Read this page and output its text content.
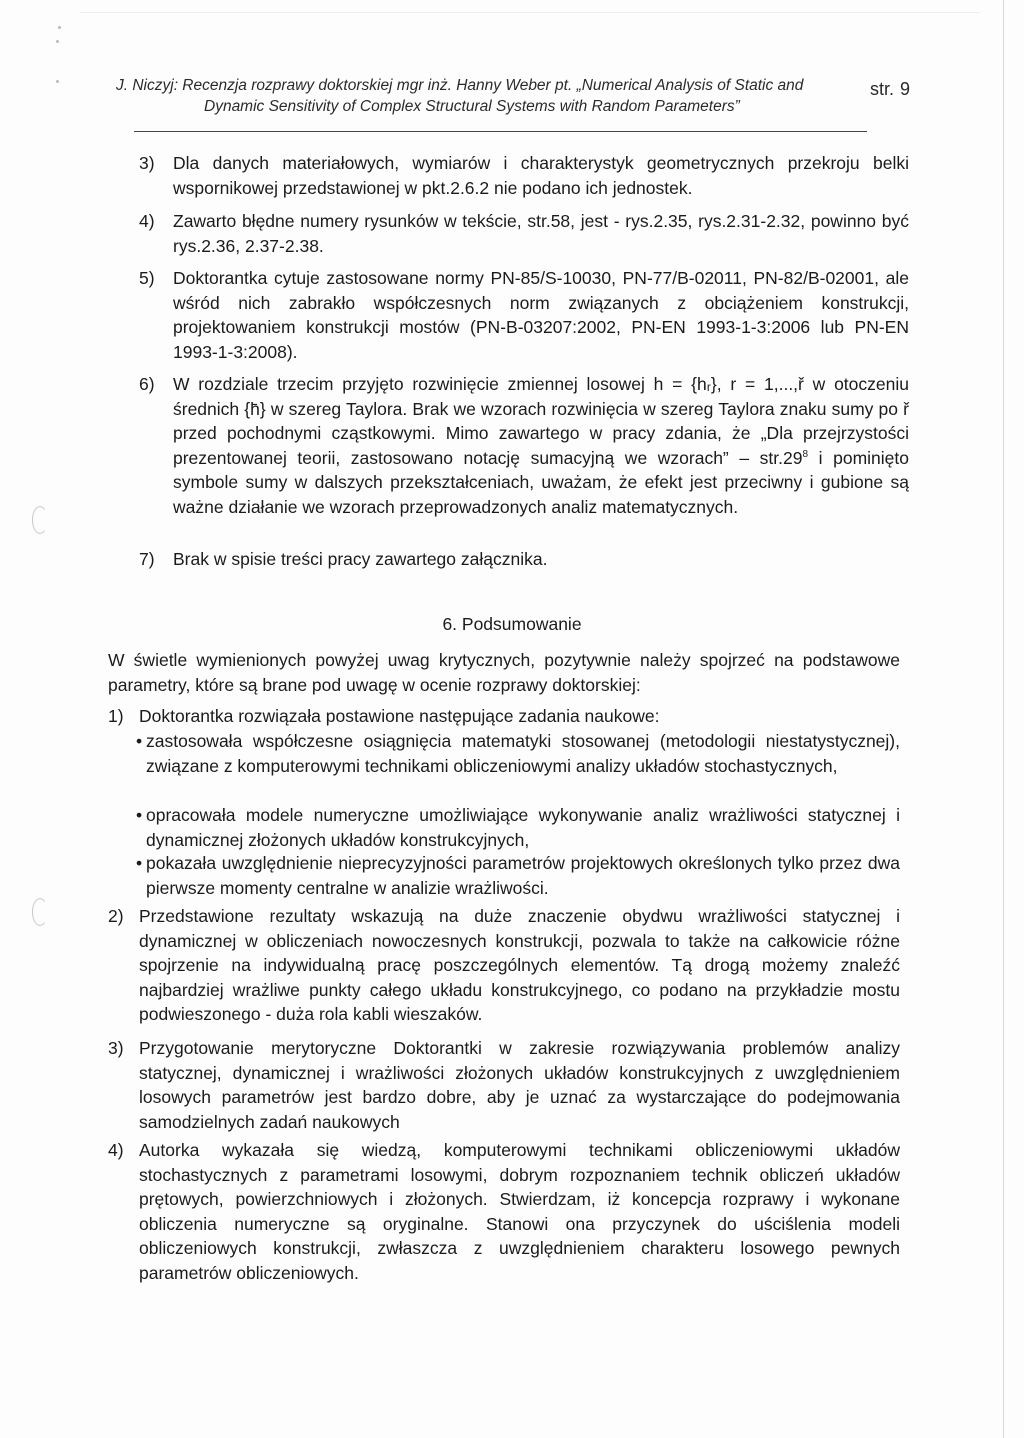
J. Niczyj: Recenzja rozprawy doktorskiej mgr inż. Hanny Weber pt. „Numerical Analysis of Static and
Dynamic Sensitivity of Complex Structural Systems with Random Parameters”
str. 9
3)	Dla danych materiałowych, wymiarów i charakterystyk geometrycznych przekroju belki wspornikowej przedstawionej w pkt.2.6.2 nie podano ich jednostek.
4)	Zawarto błędne numery rysunków w tekście, str.58, jest - rys.2.35, rys.2.31-2.32, powinno być rys.2.36, 2.37-2.38.
5)	Doktorantka cytuje zastosowane normy PN-85/S-10030, PN-77/B-02011, PN-82/B-02001, ale wśród nich zabrakło współczesnych norm związanych z obciążeniem konstrukcji, projektowaniem konstrukcji mostów (PN-B-03207:2002, PN-EN 1993-1-3:2006 lub PN-EN 1993-1-3:2008).
6)	W rozdziale trzecim przyjęto rozwinięcie zmiennej losowej h = {hᵣ}, r = 1,...,ř w otoczeniu średnich {h̄} w szereg Taylora. Brak we wzorach rozwinięcia w szereg Taylora znaku sumy po ř przed pochodnymi cząstkowymi. Mimo zawartego w pracy zdania, że „Dla przejrzystości prezentowanej teorii, zastosowano notację sumacyjną we wzorach” – $str.29^8$ i pominięto symbole sumy w dalszych przekształceniach, uważam, że efekt jest przeciwny i gubione są ważne działanie we wzorach przeprowadzonych analiz matematycznych.
7)	Brak w spisie treści pracy zawartego załącznika.
6. Podsumowanie
W świetle wymienionych powyżej uwag krytycznych, pozytywnie należy spojrzeć na podstawowe parametry, które są brane pod uwagę w ocenie rozprawy doktorskiej:
1) Doktorantka rozwiązała postawione następujące zadania naukowe:
• zastosowała współczesne osiągnięcia matematyki stosowanej (metodologii niestatystycznej), związane z komputerowymi technikami obliczeniowymi analizy układów stochastycznych,
• opracowała modele numeryczne umożliwiające wykonywanie analiz wrażliwości statycznej i dynamicznej złożonych układów konstrukcyjnych,
• pokazała uwzględnienie nieprecyzyjności parametrów projektowych określonych tylko przez dwa pierwsze momenty centralne w analizie wrażliwości.
2) Przedstawione rezultaty wskazują na duże znaczenie obydwu wrażliwości statycznej i dynamicznej w obliczeniach nowoczesnych konstrukcji, pozwala to także na całkowicie różne spojrzenie na indywidualną pracę poszczególnych elementów. Tą drogą możemy znaleźć najbardziej wrażliwe punkty całego układu konstrukcyjnego, co podano na przykładzie mostu podwieszonego - duża rola kabli wieszaków.
3) Przygotowanie merytoryczne Doktorantki w zakresie rozwiązywania problemów analizy statycznej, dynamicznej i wrażliwości złożonych układów konstrukcyjnych z uwzględnieniem losowych parametrów jest bardzo dobre, aby je uznać za wystarczające do podejmowania samodzielnych zadań naukowych
4) Autorka wykazała się wiedzą, komputerowymi technikami obliczeniowymi układów stochastycznych z parametrami losowymi, dobrym rozpoznaniem technik obliczeń układów prętowych, powierzchniowych i złożonych. Stwierdzam, iż koncepcja rozprawy i wykonane obliczenia numeryczne są oryginalne. Stanowi ona przyczynek do uściślenia modeli obliczeniowych konstrukcji, zwłaszcza z uwzględnieniem charakteru losowego pewnych parametrów obliczeniowych.
